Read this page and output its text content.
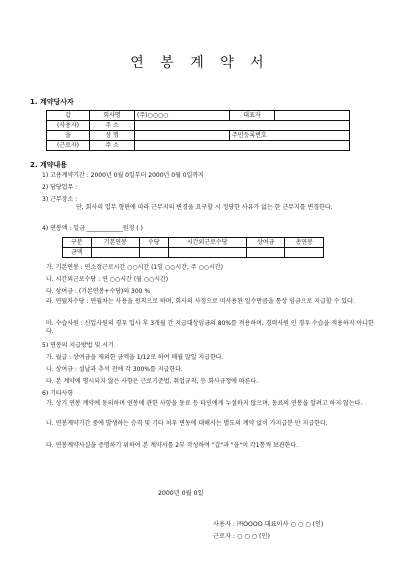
연 봉 계 약 서
1. 계약당사자
갑	회사명	(주)○○○○	대표자	
(사용자)	주 소			
을	성 명		주민등록번호	
(근로자)	주 소			
2. 계약내용
1) 고용계약기간 : 2000년 0월 0일부터 2000년 0월 0일까지
2) 담당업무 :
3) 근무장소 :
단, 회사의 업무 형편에 따라 근무지의 변경을 요구할 시 정당한 사유가 없는 한 근무지를 변경한다.
4) 연봉액 : 일금 ____________원정 ( )
구분	기본연봉	수당	시간외근로수당	상여금	총연봉
금액					
가. 기본연봉 : 연소정근로시간 ○○시간 (1일 ○○시간, 주 ○○시간)
나. 시간외근로수당 : 연 ○○시간 (월 ○○시간)
다. 상여금 : (기본연봉+수당)의 300 %
라. 연월차수당 : 연월차는 사용을 원칙으로 하며, 회사의 사정으로 미사용된 일수만큼을 통상 임금으로 지급할 수 있다.
마. 수습사원 : 신입사원의 경우 입사 후 3개월 간 지급대상임금의 80%를 적용하며, 경력사원 인 경우 수습을 적용하지 아니한다.
5) 연봉의 지급방법 및 시기
가. 월급 : 상여금을 제외한 금액을 1/12로 하여 매월 말일 지급한다.
나. 상여금 : 설날과 추석 전에 각 300%를 지급한다.
다. 본 계약에 명시되지 않은 사항은 근로기준법, 취업규칙, 등 회사규정에 따른다.
6) 기타사항
가. 상기 연봉 계약에 동의하며 연봉에 관한 사항을 동료 등 타인에게 누설하지 않으며, 동료의 연봉을 알려고 하지 않는다.
나. 연봉계약기간 중에 발생하는 승격 및 기타 처우 변동에 대해서는 별도의 계약 없이 가지급분 만 지급한다.
다. 연봉계약사실을 증명하기 위하여 본 계약서를 2부 작성하여 "갑"과 "을"이 각1통씩 보관한다.
2000년 0월 0일
사용자 : ㈜OOOO 대표이사 ○ ○ ○ (인)
근로자 : ○ ○ ○ (인)
